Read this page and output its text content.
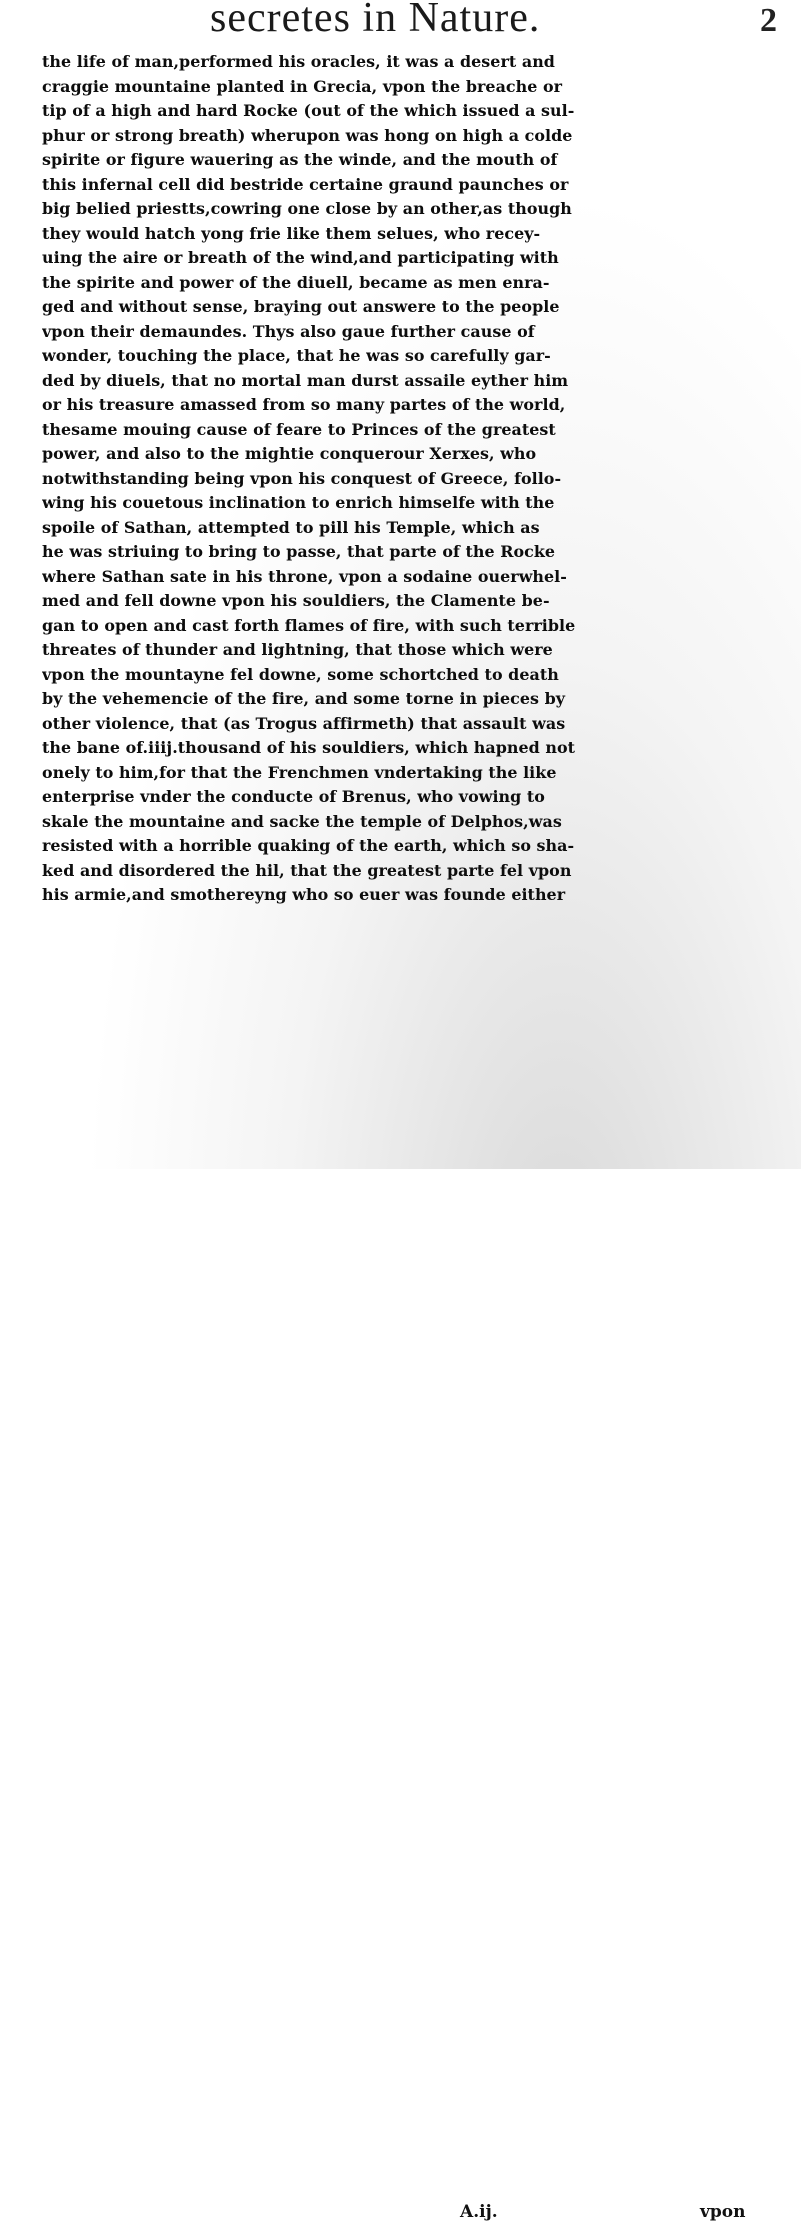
secretes in Nature.	2
the life of man,performed his oracles, it was a desert and
craggie mountaine planted in Grecia, vpon the breache or
tip of a high and hard Rocke (out of the which issued a sul-
phur or strong breath) wherupon was hong on high a colde
spirite or figure wauering as the winde, and the mouth of
this infernal cell did bestride certaine graund paunches or
big belied priestts,cowring one close by an other,as though
they would hatch yong frie like them selues, who recey-
uing the aire or breath of the wind,and participating with
the spirite and power of the diuell, became as men enra-
ged and without sense, braying out answere to the people
vpon their demaundes. Thys also gaue further cause of
wonder, touching the place, that he was so carefully gar-
ded by diuels, that no mortal man durst assaile eyther him
or his treasure amassed from so many partes of the world,
thesame mouing cause of feare to Princes of the greatest
power, and also to the mightie conquerour Xerxes, who
notwithstanding being vpon his conquest of Greece, follo-
wing his couetous inclination to enrich himselfe with the
spoile of Sathan, attempted to pill his Temple, which as
he was striuing to bring to passe, that parte of the Rocke
where Sathan sate in his throne, vpon a sodaine ouerwhel-
med and fell downe vpon his souldiers, the Clamente be-
gan to open and cast forth flames of fire, with such terrible
threates of thunder and lightning, that those which were
vpon the mountayne fel downe, some schortched to death
by the vehemencie of the fire, and some torne in pieces by
other violence, that (as Trogus affirmeth) that assault was
the bane of.iiij.thousand of his souldiers, which hapned not
onely to him,for that the Frenchmen vndertaking the like
enterprise vnder the conducte of Brenus, who vowing to
skale the mountaine and sacke the temple of Delphos,was
resisted with a horrible quaking of the earth, which so sha-
ked and disordered the hil, that the greatest parte fel vpon
his armie,and smothereyng who so euer was founde either
A.ij.	vpon
